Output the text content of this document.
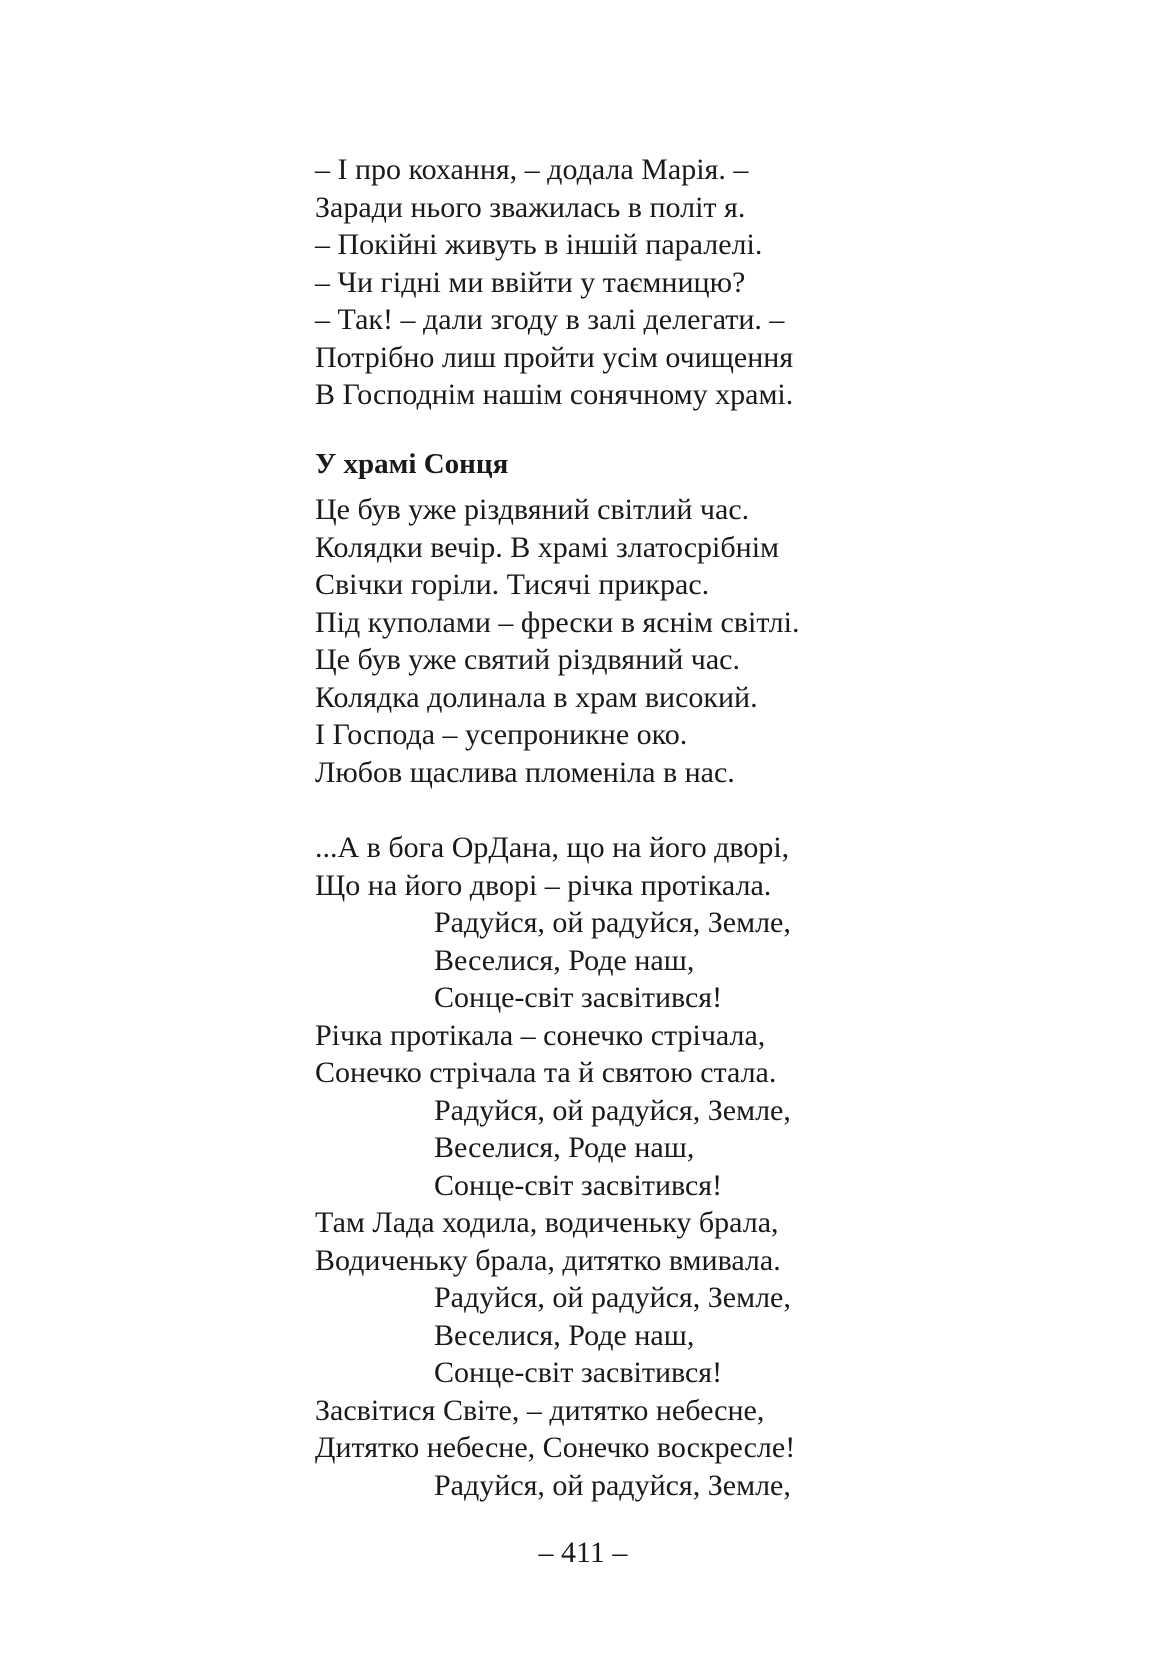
– І про кохання, – додала Марія. –
Заради нього зважилась в політ я.
– Покійні живуть в іншій паралелі.
– Чи гідні ми ввійти у таємницю?
– Так! – дали згоду в залі делегати. –
Потрібно лиш пройти усім очищення
В Господнім нашім сонячному храмі.
У храмі Сонця
Це був уже різдвяний світлий час.
Колядки вечір. В храмі златосрібнім
Свічки горіли. Тисячі прикрас.
Під куполами – фрески в яснім світлі.
Це був уже святий різдвяний час.
Колядка долинала в храм високий.
І Господа – усепроникне око.
Любов щаслива пломеніла в нас.
...А в бога ОрДана, що на його дворі,
Що на його дворі – річка протікала.
Радуйся, ой радуйся, Земле,
Веселися, Роде наш,
Сонце-світ засвітився!
Річка протікала – сонечко стрічала,
Сонечко стрічала та й святою стала.
Радуйся, ой радуйся, Земле,
Веселися, Роде наш,
Сонце-світ засвітився!
Там Лада ходила, водиченьку брала,
Водиченьку брала, дитятко вмивала.
Радуйся, ой радуйся, Земле,
Веселися, Роде наш,
Сонце-світ засвітився!
Засвітися Світе, – дитятко небесне,
Дитятко небесне, Сонечко воскресле!
Радуйся, ой радуйся, Земле,
– 411 –
